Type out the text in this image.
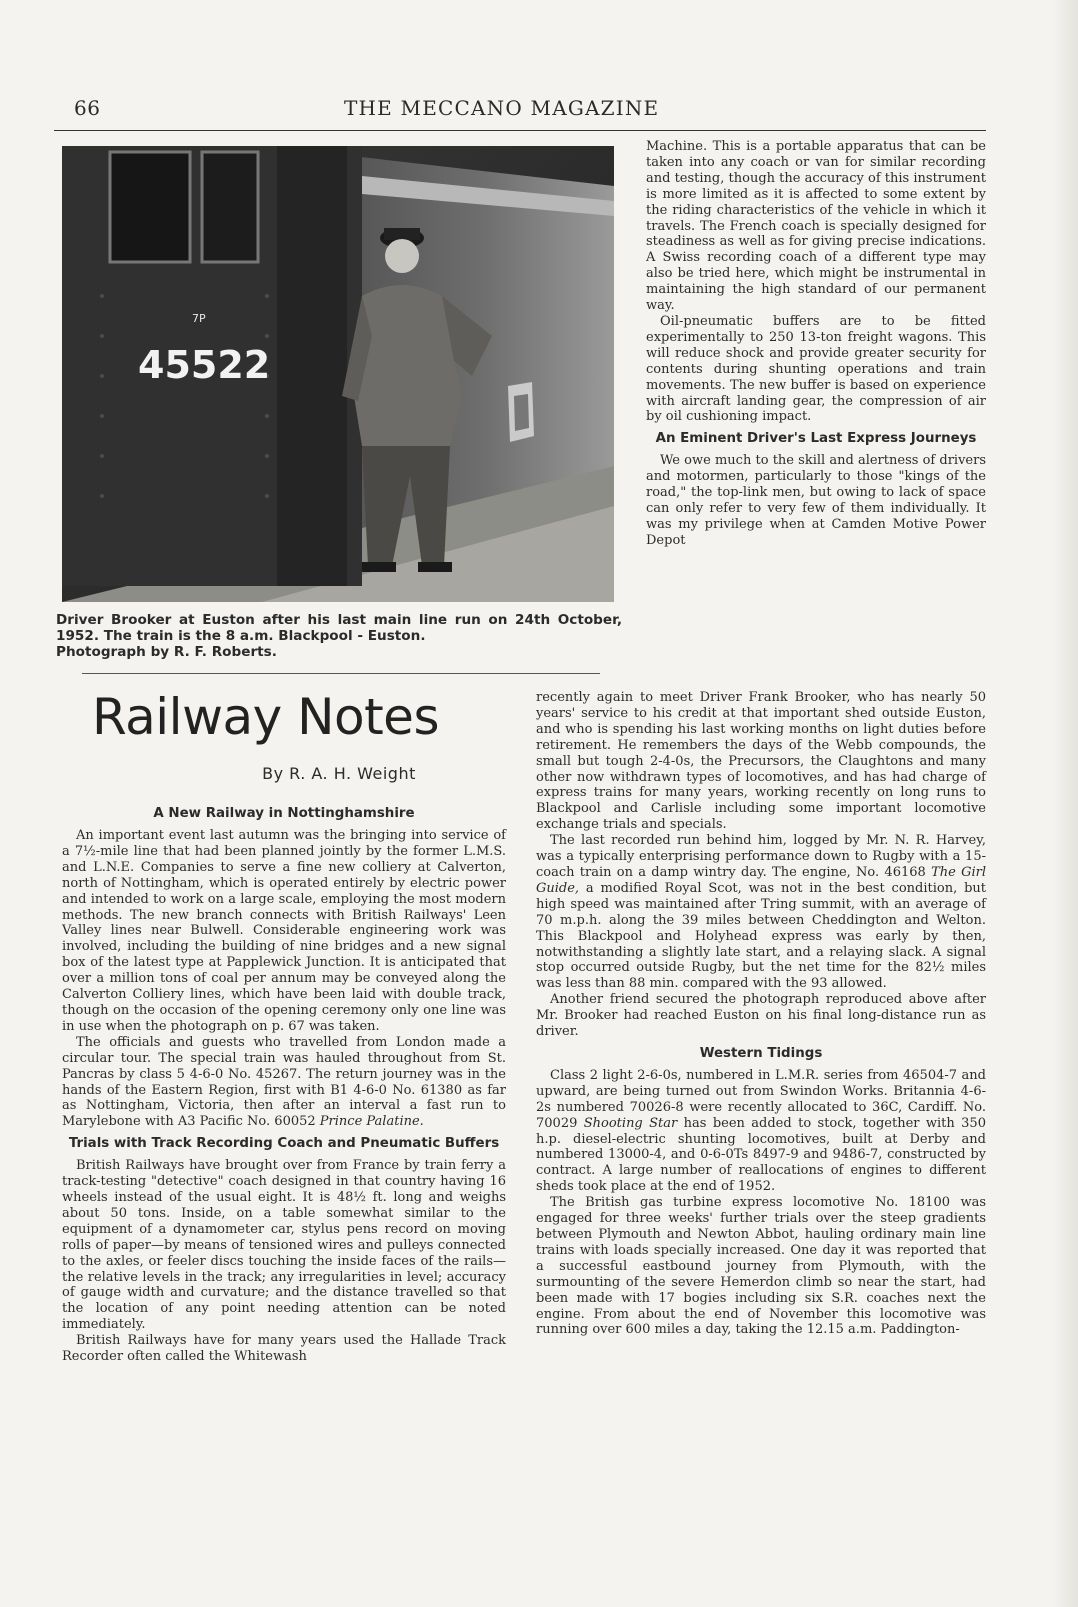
66	THE MECCANO MAGAZINE
7P
45522
Driver Brooker at Euston after his last main line run on 24th October, 1952. The train is the 8 a.m. Blackpool - Euston.
Photograph by R. F. Roberts.
Railway Notes
By R. A. H. Weight
A New Railway in Nottinghamshire

An important event last autumn was the bringing into service of a 7½-mile line that had been planned jointly by the former L.M.S. and L.N.E. Companies to serve a fine new colliery at Calverton, north of Nottingham, which is operated entirely by electric power and intended to work on a large scale, employing the most modern methods. The new branch connects with British Railways' Leen Valley lines near Bulwell. Considerable engineering work was involved, including the building of nine bridges and a new signal box of the latest type at Papplewick Junction. It is anticipated that over a million tons of coal per annum may be conveyed along the Calverton Colliery lines, which have been laid with double track, though on the occasion of the opening ceremony only one line was in use when the photograph on p. 67 was taken.

The officials and guests who travelled from London made a circular tour. The special train was hauled throughout from St. Pancras by class 5 4-6-0 No. 45267. The return journey was in the hands of the Eastern Region, first with B1 4-6-0 No. 61380 as far as Nottingham, Victoria, then after an interval a fast run to Marylebone with A3 Pacific No. 60052 Prince Palatine.

Trials with Track Recording Coach and Pneumatic Buffers

British Railways have brought over from France by train ferry a track-testing "detective" coach designed in that country having 16 wheels instead of the usual eight. It is 48½ ft. long and weighs about 50 tons. Inside, on a table somewhat similar to the equipment of a dynamometer car, stylus pens record on moving rolls of paper—by means of tensioned wires and pulleys connected to the axles, or feeler discs touching the inside faces of the rails—the relative levels in the track; any irregularities in level; accuracy of gauge width and curvature; and the distance travelled so that the location of any point needing attention can be noted immediately.

British Railways have for many years used the Hallade Track Recorder often called the Whitewash

Machine. This is a portable apparatus that can be taken into any coach or van for similar recording and testing, though the accuracy of this instrument is more limited as it is affected to some extent by the riding characteristics of the vehicle in which it travels. The French coach is specially designed for steadiness as well as for giving precise indications. A Swiss recording coach of a different type may also be tried here, which might be instrumental in maintaining the high standard of our permanent way.

Oil-pneumatic buffers are to be fitted experimentally to 250 13-ton freight wagons. This will reduce shock and provide greater security for contents during shunting operations and train movements. The new buffer is based on experience with aircraft landing gear, the compression of air by oil cushioning impact.

An Eminent Driver's Last Express Journeys

We owe much to the skill and alertness of drivers and motormen, particularly to those "kings of the road," the top-link men, but owing to lack of space can only refer to very few of them individually. It was my privilege when at Camden Motive Power Depot

recently again to meet Driver Frank Brooker, who has nearly 50 years' service to his credit at that important shed outside Euston, and who is spending his last working months on light duties before retirement. He remembers the days of the Webb compounds, the small but tough 2-4-0s, the Precursors, the Claughtons and many other now withdrawn types of locomotives, and has had charge of express trains for many years, working recently on long runs to Blackpool and Carlisle including some important locomotive exchange trials and specials.

The last recorded run behind him, logged by Mr. N. R. Harvey, was a typically enterprising performance down to Rugby with a 15-coach train on a damp wintry day. The engine, No. 46168 The Girl Guide, a modified Royal Scot, was not in the best condition, but high speed was maintained after Tring summit, with an average of 70 m.p.h. along the 39 miles between Cheddington and Welton. This Blackpool and Holyhead express was early by then, notwithstanding a slightly late start, and a relaying slack. A signal stop occurred outside Rugby, but the net time for the 82½ miles was less than 88 min. compared with the 93 allowed.

Another friend secured the photograph reproduced above after Mr. Brooker had reached Euston on his final long-distance run as driver.

Western Tidings

Class 2 light 2-6-0s, numbered in L.M.R. series from 46504-7 and upward, are being turned out from Swindon Works. Britannia 4-6-2s numbered 70026-8 were recently allocated to 36C, Cardiff. No. 70029 Shooting Star has been added to stock, together with 350 h.p. diesel-electric shunting locomotives, built at Derby and numbered 13000-4, and 0-6-0Ts 8497-9 and 9486-7, constructed by contract. A large number of reallocations of engines to different sheds took place at the end of 1952.

The British gas turbine express locomotive No. 18100 was engaged for three weeks' further trials over the steep gradients between Plymouth and Newton Abbot, hauling ordinary main line trains with loads specially increased. One day it was reported that a successful eastbound journey from Plymouth, with the surmounting of the severe Hemerdon climb so near the start, had been made with 17 bogies including six S.R. coaches next the engine. From about the end of November this locomotive was running over 600 miles a day, taking the 12.15 a.m. Paddington-
